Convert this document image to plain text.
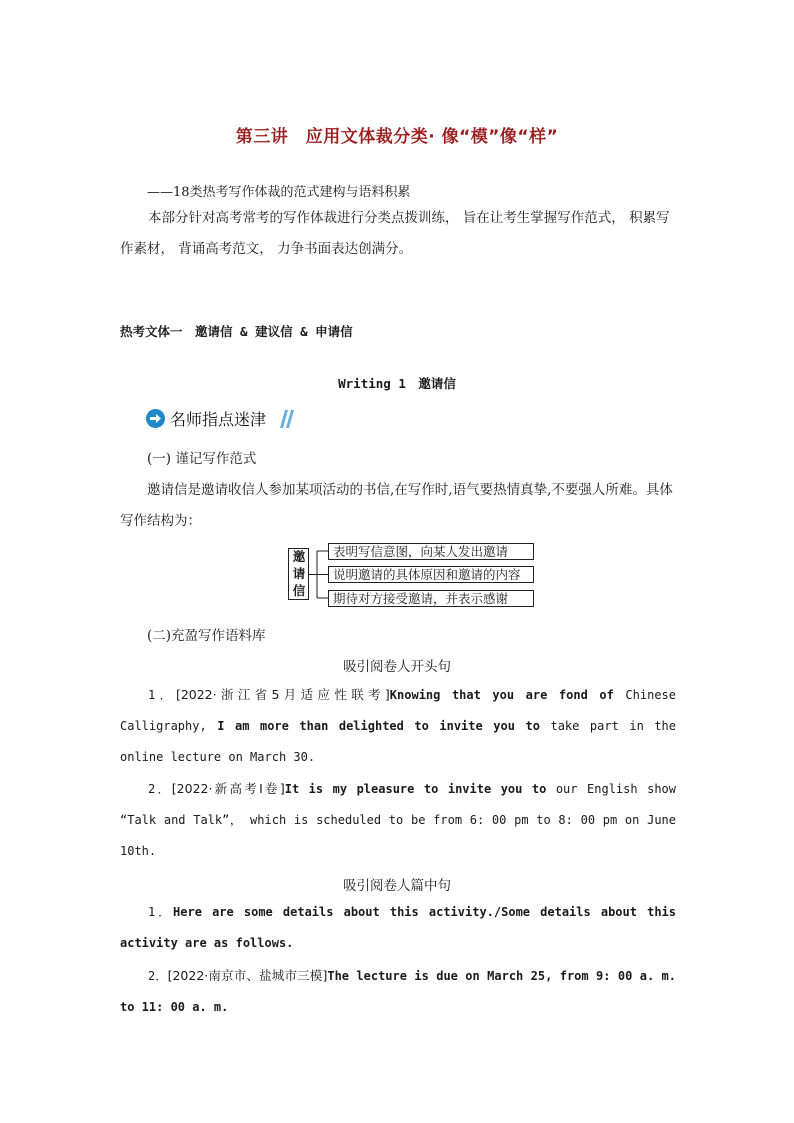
第三讲　应用文体裁分类· 像“模”像“样”
——18类热考写作体裁的范式建构与语料积累
本部分针对高考常考的写作体裁进行分类点拨训练， 旨在让考生掌握写作范式， 积累写作素材， 背诵高考范文， 力争书面表达创满分。
热考文体一　邀请信 & 建议信 & 申请信
Writing 1　邀请信
名师指点迷津
(一) 谨记写作范式
邀请信是邀请收信人参加某项活动的书信,在写作时,语气要热情真挚,不要强人所难。具体写作结构为：
邀
请
信
表明写信意图，向某人发出邀请
说明邀请的具体原因和邀请的内容
期待对方接受邀请，并表示感谢
(二)充盈写作语料库
吸引阅卷人开头句
1．[2022·浙江省5月适应性联考]Knowing that you are fond of Chinese Calligraphy, I am more than delighted to invite you to take part in the online lecture on March 30.
2．[2022·新高考Ⅰ卷]It is my pleasure to invite you to our English show “Talk and Talk”， which is scheduled to be from 6: 00 pm to 8: 00 pm on June 10th.
吸引阅卷人篇中句
1．Here are some details about this activity./Some details about this activity are as follows.
2．[2022·南京市、盐城市三模]The lecture is due on March 25, from 9: 00 a. m. to 11: 00 a. m.
